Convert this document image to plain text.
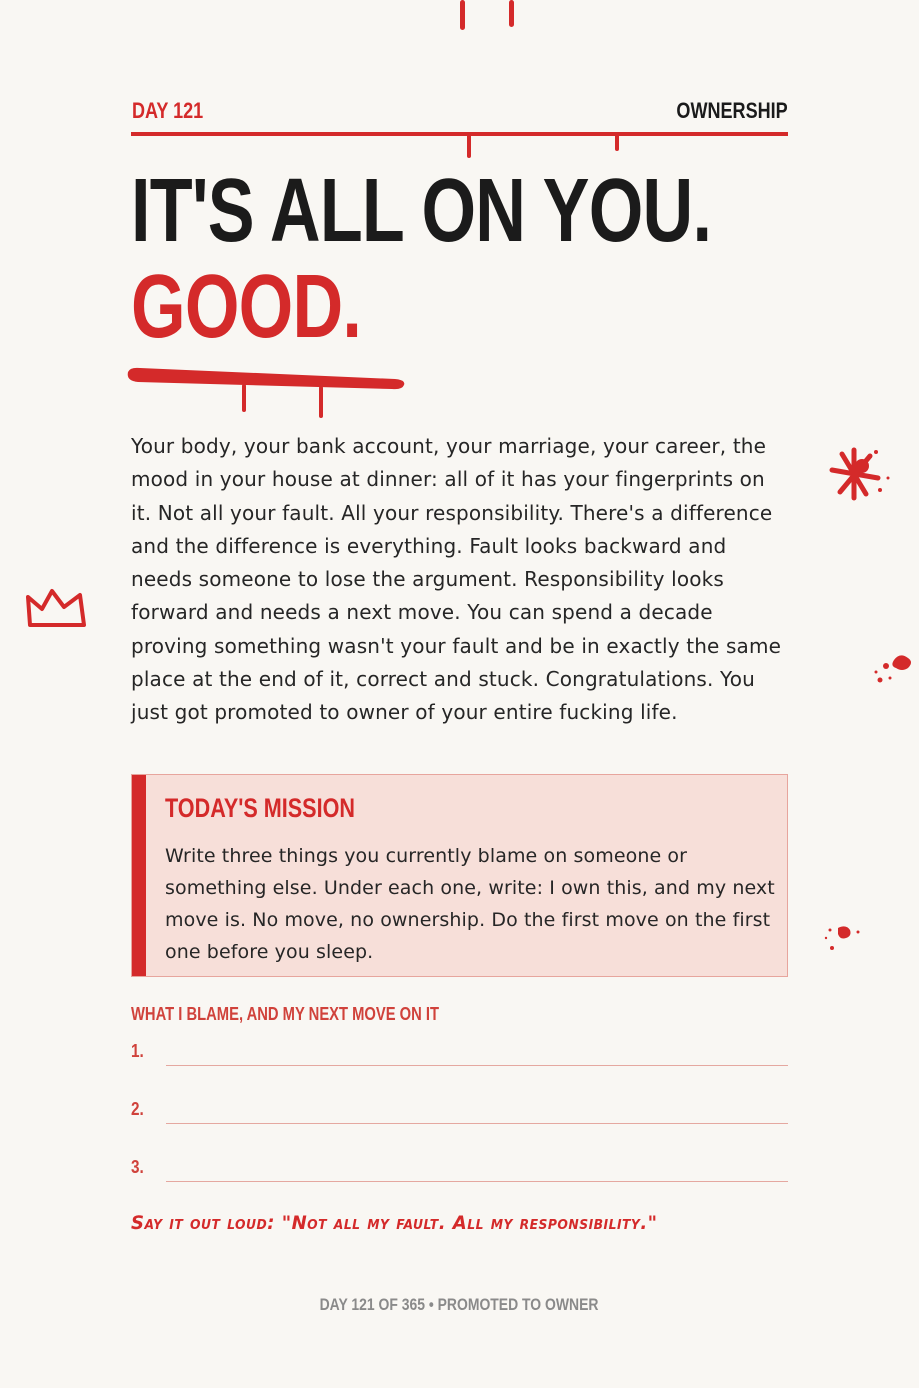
DAY 121	OWNERSHIP
IT'S ALL ON YOU.
GOOD.

Your body, your bank account, your marriage, your career, the mood in your house at dinner: all of it has your fingerprints on it. Not all your fault. All your responsibility. There's a difference and the difference is everything. Fault looks backward and needs someone to lose the argument. Responsibility looks forward and needs a next move. You can spend a decade proving something wasn't your fault and be in exactly the same place at the end of it, correct and stuck. Congratulations. You just got promoted to owner of your entire fucking life.

TODAY'S MISSION
Write three things you currently blame on someone or something else. Under each one, write: I own this, and my next move is. No move, no ownership. Do the first move on the first one before you sleep.
WHAT I BLAME, AND MY NEXT MOVE ON IT
1.
2.
3.
Say it out loud: "Not all my fault. All my responsibility."
DAY 121 OF 365 • PROMOTED TO OWNER
